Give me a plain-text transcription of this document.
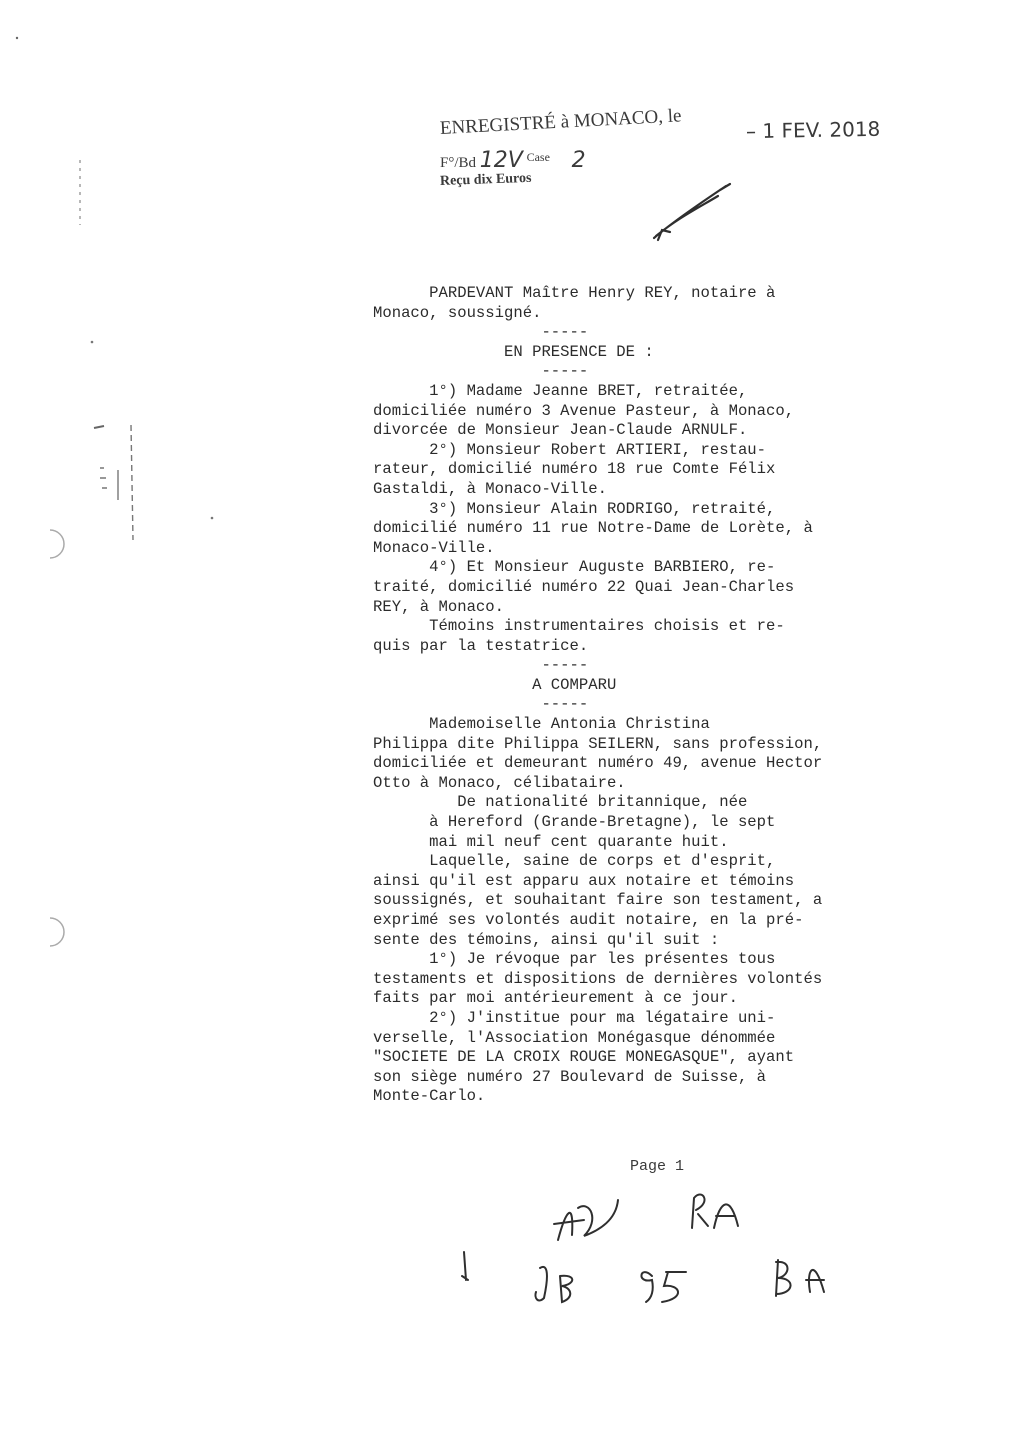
ENREGISTRÉ à MONACO, le
F°/Bd 12V $^{Case}$ 2
Reçu dix Euros
– 1 FEV. 2018
PARDEVANT Maître Henry REY, notaire à
Monaco, soussigné.
-----
EN PRESENCE DE :
-----
1°) Madame Jeanne BRET, retraitée,
domiciliée numéro 3 Avenue Pasteur, à Monaco,
divorcée de Monsieur Jean-Claude ARNULF.
2°) Monsieur Robert ARTIERI, restau-
rateur, domicilié numéro 18 rue Comte Félix
Gastaldi, à Monaco-Ville.
3°) Monsieur Alain RODRIGO, retraité,
domicilié numéro 11 rue Notre-Dame de Lorète, à
Monaco-Ville.
4°) Et Monsieur Auguste BARBIERO, re-
traité, domicilié numéro 22 Quai Jean-Charles
REY, à Monaco.
Témoins instrumentaires choisis et re-
quis par la testatrice.
-----
A COMPARU
-----
Mademoiselle Antonia Christina
Philippa dite Philippa SEILERN, sans profession,
domiciliée et demeurant numéro 49, avenue Hector
Otto à Monaco, célibataire.
De nationalité britannique, née
à Hereford (Grande-Bretagne), le sept
mai mil neuf cent quarante huit.
Laquelle, saine de corps et d'esprit,
ainsi qu'il est apparu aux notaire et témoins
soussignés, et souhaitant faire son testament, a
exprimé ses volontés audit notaire, en la pré-
sente des témoins, ainsi qu'il suit :
1°) Je révoque par les présentes tous
testaments et dispositions de dernières volontés
faits par moi antérieurement à ce jour.
2°) J'institue pour ma légataire uni-
verselle, l'Association Monégasque dénommée
"SOCIETE DE LA CROIX ROUGE MONEGASQUE", ayant
son siège numéro 27 Boulevard de Suisse, à
Monte-Carlo.
Page 1
